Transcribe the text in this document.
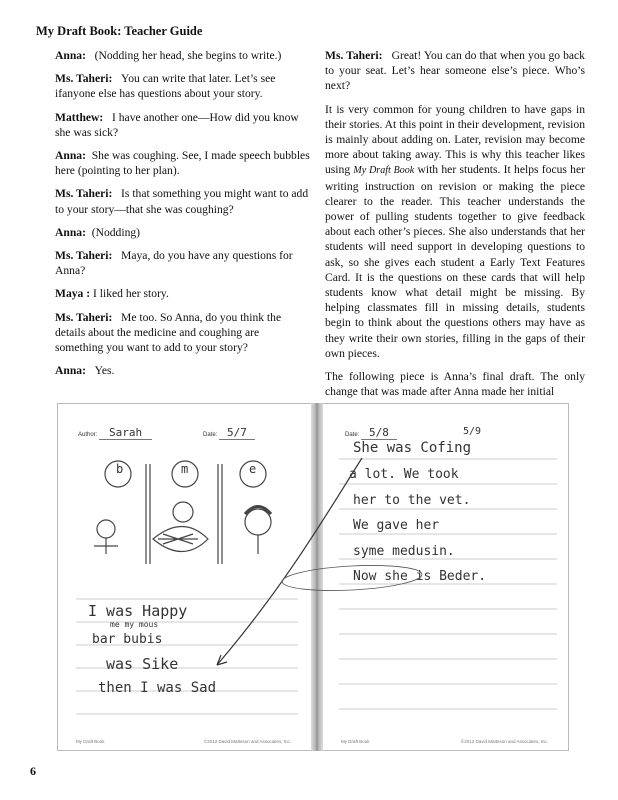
My Draft Book: Teacher Guide

Anna: (Nodding her head, she begins to write.)

Ms. Taheri: You can write that later. Let’s see ifanyone else has questions about your story.

Matthew: I have another one—How did you know she was sick?

Anna: She was coughing. See, I made speech bubbles here (pointing to her plan).

Ms. Taheri: Is that something you might want to add to your story—that she was coughing?

Anna: (Nodding)

Ms. Taheri: Maya, do you have any questions for Anna?

Maya : I liked her story.

Ms. Taheri: Me too. So Anna, do you think the details about the medicine and coughing are something you want to add to your story?

Anna: Yes.

Ms. Taheri: Great! You can do that when you go back to your seat. Let’s hear someone else’s piece. Who’s next?

It is very common for young children to have gaps in their stories. At this point in their development, revision is mainly about adding on. Later, revision may become more about taking away. This is why this teacher likes using My Draft Book with her students. It helps focus her writing instruction on revision or making the piece clearer to the reader. This teacher understands the power of pulling students together to give feedback about each other’s pieces. She also understands that her students will need support in developing questions to ask, so she gives each student a Early Text Features Card. It is the questions on these cards that will help students know what detail might be missing. By helping classmates fill in missing details, students begin to think about the questions others may have as they write their own stories, filling in the gaps of their own pieces.

The following piece is Anna’s final draft. The only change that was made after Anna made her initial

Author: Sarah	Date: 5/7
b	m	e
I was Happy
me my mous
bar bubis
was Sike
then I was Sad
My Draft Book	©2012 David Matteson and Associates, Inc.
Date: 5/8	5/9
She was Cofing
a lot. We took
her to the vet.
We gave her
syme medusin.
Now she is Beder.
My Draft Book	©2012 David Matteson and Associates, Inc.
6
